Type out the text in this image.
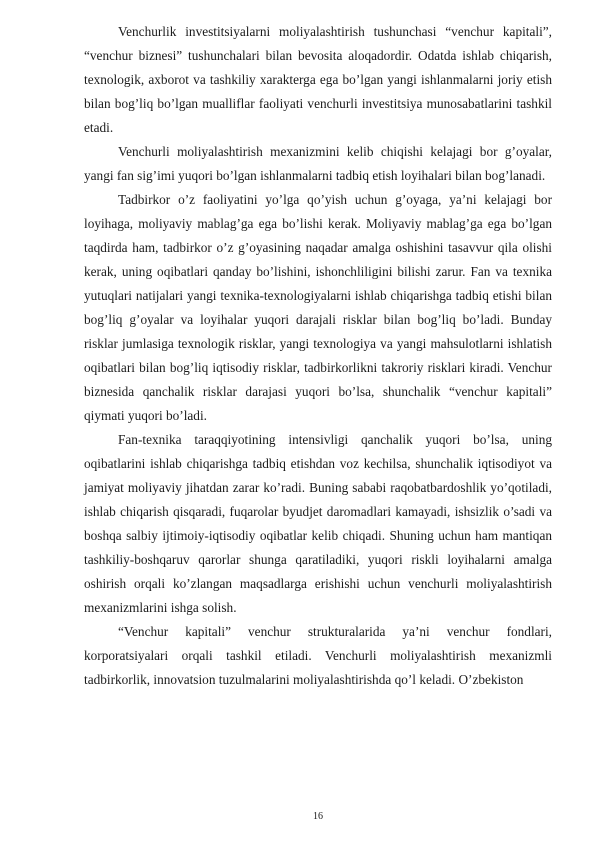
Venchurlik investitsiyalarni moliyalashtirish tushunchasi “venchur kapitali”, “venchur biznesi” tushunchalari bilan bevosita aloqadordir. Odatda ishlab chiqarish, texnologik, axborot va tashkiliy xarakterga ega bo’lgan yangi ishlanmalarni joriy etish bilan bog’liq bo’lgan mualliflar faoliyati venchurli investitsiya munosabatlarini tashkil etadi.

Venchurli moliyalashtirish mexanizmini kelib chiqishi kelajagi bor g’oyalar, yangi fan sig’imi yuqori bo’lgan ishlanmalarni tadbiq etish loyihalari bilan bog’lanadi.

Tadbirkor o’z faoliyatini yo’lga qo’yish uchun g’oyaga, ya’ni kelajagi bor loyihaga, moliyaviy mablag’ga ega bo’lishi kerak. Moliyaviy mablag’ga ega bo’lgan taqdirda ham, tadbirkor o’z g’oyasining naqadar amalga oshishini tasavvur qila olishi kerak, uning oqibatlari qanday bo’lishini, ishonchliligini bilishi zarur. Fan va texnika yutuqlari natijalari yangi texnika-texnologiyalarni ishlab chiqarishga tadbiq etishi bilan bog’liq g’oyalar va loyihalar yuqori darajali risklar bilan bog’liq bo’ladi. Bunday risklar jumlasiga texnologik risklar, yangi texnologiya va yangi mahsulotlarni ishlatish oqibatlari bilan bog’liq iqtisodiy risklar, tadbirkorlikni takroriy risklari kiradi. Venchur biznesida qanchalik risklar darajasi yuqori bo’lsa, shunchalik “venchur kapitali” qiymati yuqori bo’ladi.

Fan-texnika taraqqiyotining intensivligi qanchalik yuqori bo’lsa, uning oqibatlarini ishlab chiqarishga tadbiq etishdan voz kechilsa, shunchalik iqtisodiyot va jamiyat moliyaviy jihatdan zarar ko’radi. Buning sababi raqobatbardoshlik yo’qotiladi, ishlab chiqarish qisqaradi, fuqarolar byudjet daromadlari kamayadi, ishsizlik o’sadi va boshqa salbiy ijtimoiy-iqtisodiy oqibatlar kelib chiqadi. Shuning uchun ham mantiqan tashkiliy-boshqaruv qarorlar shunga qaratiladiki, yuqori riskli loyihalarni amalga oshirish orqali ko’zlangan maqsadlarga erishishi uchun venchurli moliyalashtirish mexanizmlarini ishga solish.

“Venchur kapitali” venchur strukturalarida ya’ni venchur fondlari, korporatsiyalari orqali tashkil etiladi. Venchurli moliyalashtirish mexanizmli tadbirkorlik, innovatsion tuzulmalarini moliyalashtirishda qo’l keladi. O’zbekiston

16
